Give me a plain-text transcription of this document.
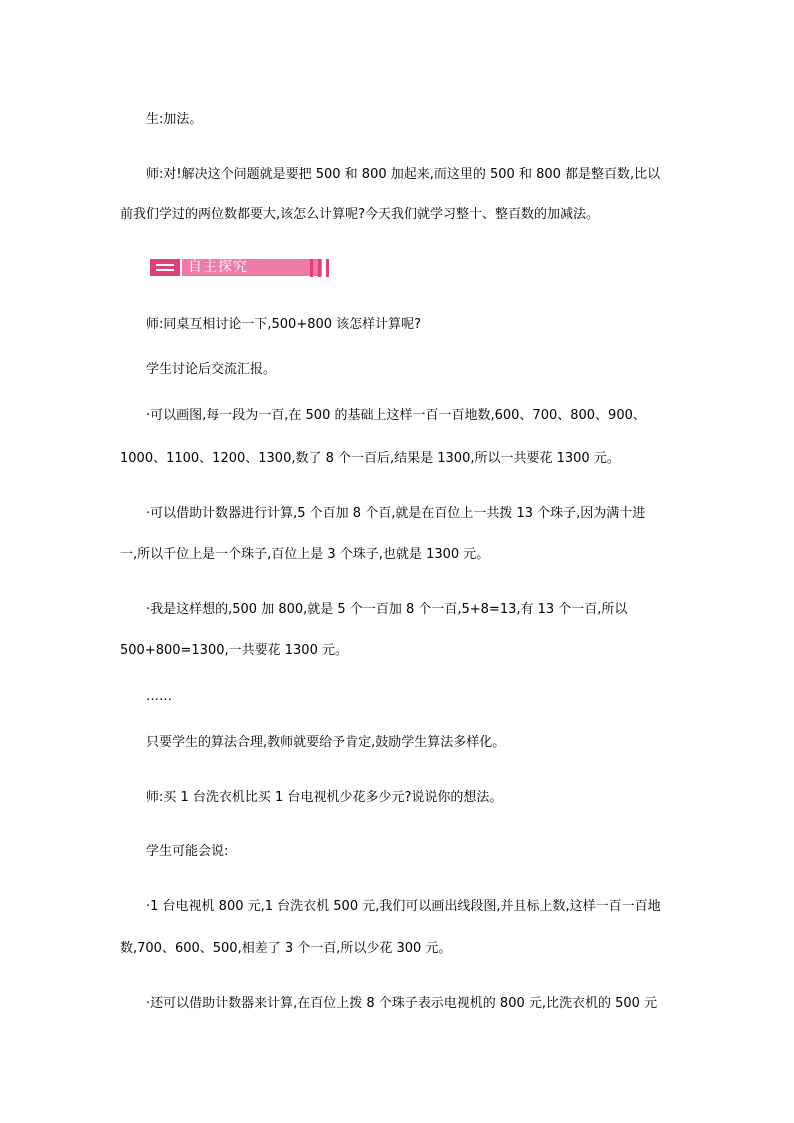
生:加法。
师:对!解决这个问题就是要把 500 和 800 加起来,而这里的 500 和 800 都是整百数,比以
前我们学过的两位数都要大,该怎么计算呢?今天我们就学习整十、整百数的加减法。
自主探究
师:同桌互相讨论一下,500+800 该怎样计算呢?
学生讨论后交流汇报。
·可以画图,每一段为一百,在 500 的基础上这样一百一百地数,600、700、800、900、
1000、1100、1200、1300,数了 8 个一百后,结果是 1300,所以一共要花 1300 元。
·可以借助计数器进行计算,5 个百加 8 个百,就是在百位上一共拨 13 个珠子,因为满十进
一,所以千位上是一个珠子,百位上是 3 个珠子,也就是 1300 元。
·我是这样想的,500 加 800,就是 5 个一百加 8 个一百,5+8=13,有 13 个一百,所以
500+800=1300,一共要花 1300 元。
……
只要学生的算法合理,教师就要给予肯定,鼓励学生算法多样化。
师:买 1 台洗衣机比买 1 台电视机少花多少元?说说你的想法。
学生可能会说:
·1 台电视机 800 元,1 台洗衣机 500 元,我们可以画出线段图,并且标上数,这样一百一百地
数,700、600、500,相差了 3 个一百,所以少花 300 元。
·还可以借助计数器来计算,在百位上拨 8 个珠子表示电视机的 800 元,比洗衣机的 500 元
